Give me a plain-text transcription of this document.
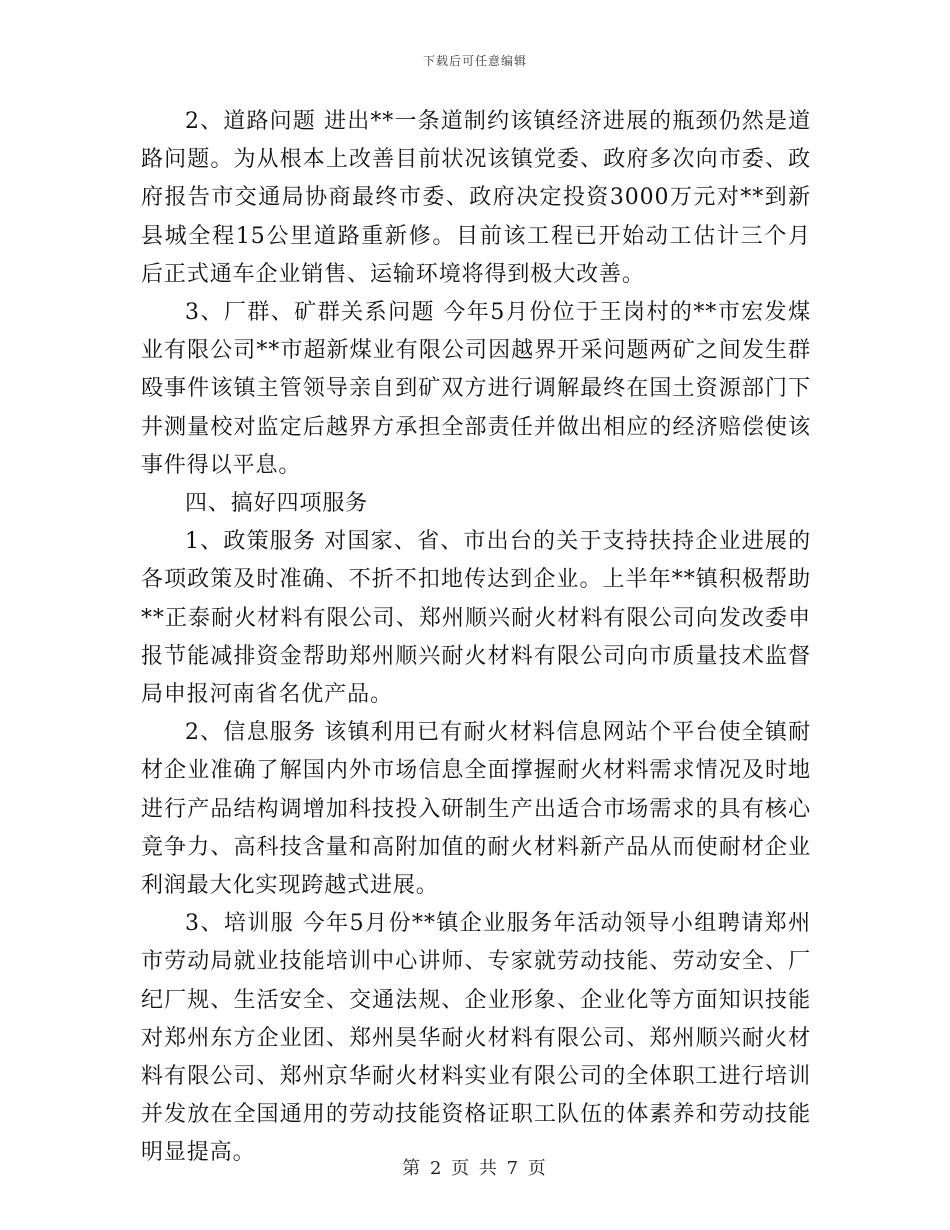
下载后可任意编辑

2、道路问题 进出**一条道制约该镇经济进展的瓶颈仍然是道路问题。为从根本上改善目前状况该镇党委、政府多次向市委、政府报告市交通局协商最终市委、政府决定投资3000万元对**到新县城全程15公里道路重新修。目前该工程已开始动工估计三个月后正式通车企业销售、运输环境将得到极大改善。

3、厂群、矿群关系问题 今年5月份位于王岗村的**市宏发煤业有限公司**市超新煤业有限公司因越界开采问题两矿之间发生群殴事件该镇主管领导亲自到矿双方进行调解最终在国土资源部门下井测量校对监定后越界方承担全部责任并做出相应的经济赔偿使该事件得以平息。

四、搞好四项服务

1、政策服务 对国家、省、市出台的关于支持扶持企业进展的各项政策及时准确、不折不扣地传达到企业。上半年**镇积极帮助**正泰耐火材料有限公司、郑州顺兴耐火材料有限公司向发改委申报节能减排资金帮助郑州顺兴耐火材料有限公司向市质量技术监督局申报河南省名优产品。

2、信息服务 该镇利用已有耐火材料信息网站个平台使全镇耐材企业准确了解国内外市场信息全面撑握耐火材料需求情况及时地进行产品结构调增加科技投入研制生产出适合市场需求的具有核心竟争力、高科技含量和高附加值的耐火材料新产品从而使耐材企业利润最大化实现跨越式进展。

3、培训服 今年5月份**镇企业服务年活动领导小组聘请郑州市劳动局就业技能培训中心讲师、专家就劳动技能、劳动安全、厂纪厂规、生活安全、交通法规、企业形象、企业化等方面知识技能对郑州东方企业团、郑州昊华耐火材料有限公司、郑州顺兴耐火材料有限公司、郑州京华耐火材料实业有限公司的全体职工进行培训并发放在全国通用的劳动技能资格证职工队伍的体素养和劳动技能明显提高。

第 2 页 共 7 页
